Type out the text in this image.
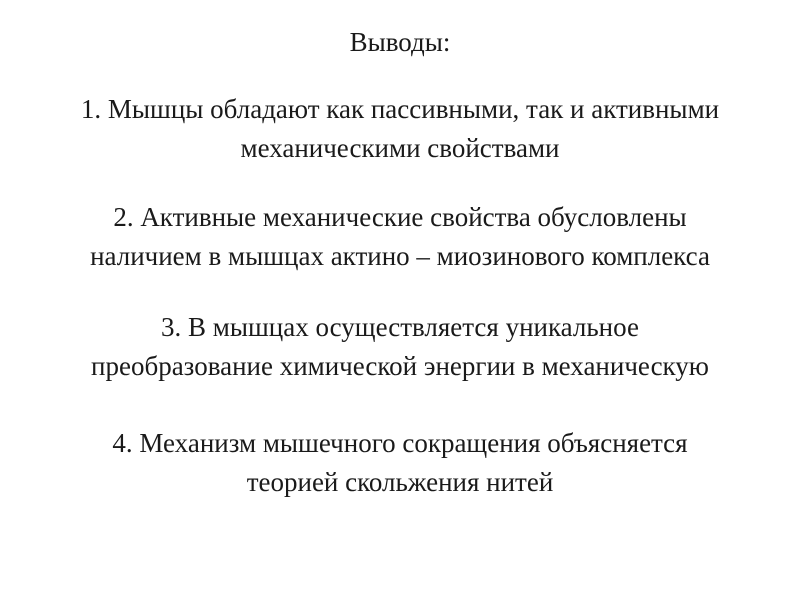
Выводы:
1. Мышцы обладают как пассивными, так и активными
механическими свойствами
2. Активные механические свойства обусловлены
наличием в мышцах актино – миозинового комплекса
3. В мышцах осуществляется уникальное
преобразование химической энергии в механическую
4. Механизм мышечного сокращения объясняется
теорией скольжения нитей
